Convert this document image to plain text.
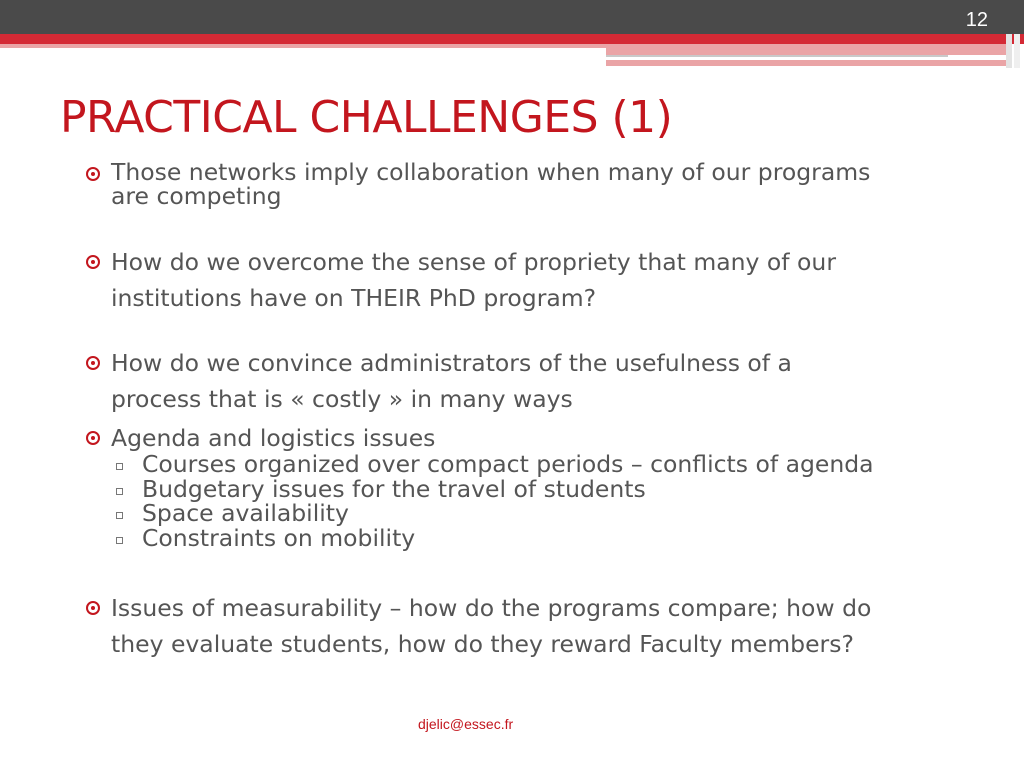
12
PRACTICAL CHALLENGES (1)
Those networks imply collaboration when many of our programs
are competing
How do we overcome the sense of propriety that many of our
institutions have on THEIR PhD program?
How do we convince administrators of the usefulness of a
process that is « costly » in many ways
Agenda and logistics issues
Courses organized over compact periods – conflicts of agenda
Budgetary issues for the travel of students
Space availability
Constraints on mobility
Issues of measurability – how do the programs compare; how do
they evaluate students, how do they reward Faculty members?
djelic@essec.fr
